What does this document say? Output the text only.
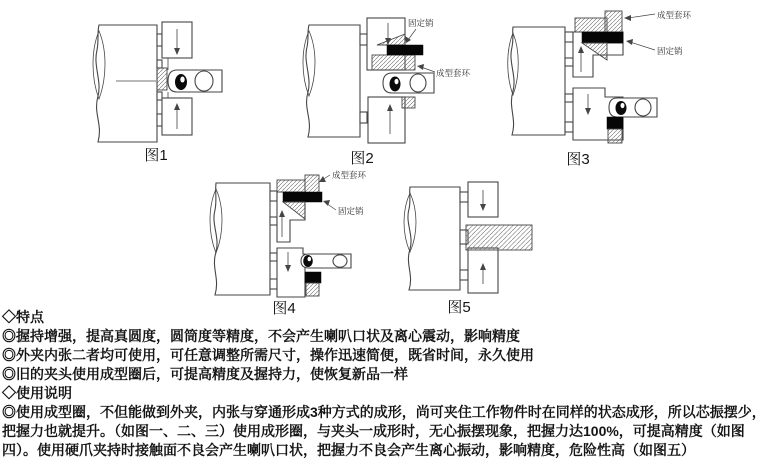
图1
固定销
成型套环
图2
成型套环
固定销
图3
成型套环
固定销
图4	图5
◇特点
◎握持增强，提高真圆度，圆筒度等精度，不会产生喇叭口状及离心震动，影响精度
◎外夹内张二者均可使用，可任意调整所需尺寸，操作迅速简便，既省时间，永久使用
◎旧的夹头使用成型圈后，可提高精度及握持力，使恢复新品一样
◇使用说明
◎使用成型圈，不但能做到外夹，内张与穿通形成3种方式的成形，尚可夹住工作物件时在同样的状态成形，所以芯振摆少，
把握力也就提升。（如图一、二、三）使用成形圈，与夹头一成形时，无心振摆现象，把握力达100%，可提高精度（如图
四）。使用硬爪夹持时接触面不良会产生喇叭口状，把握力不良会产生离心振动，影响精度，危险性高（如图五）
